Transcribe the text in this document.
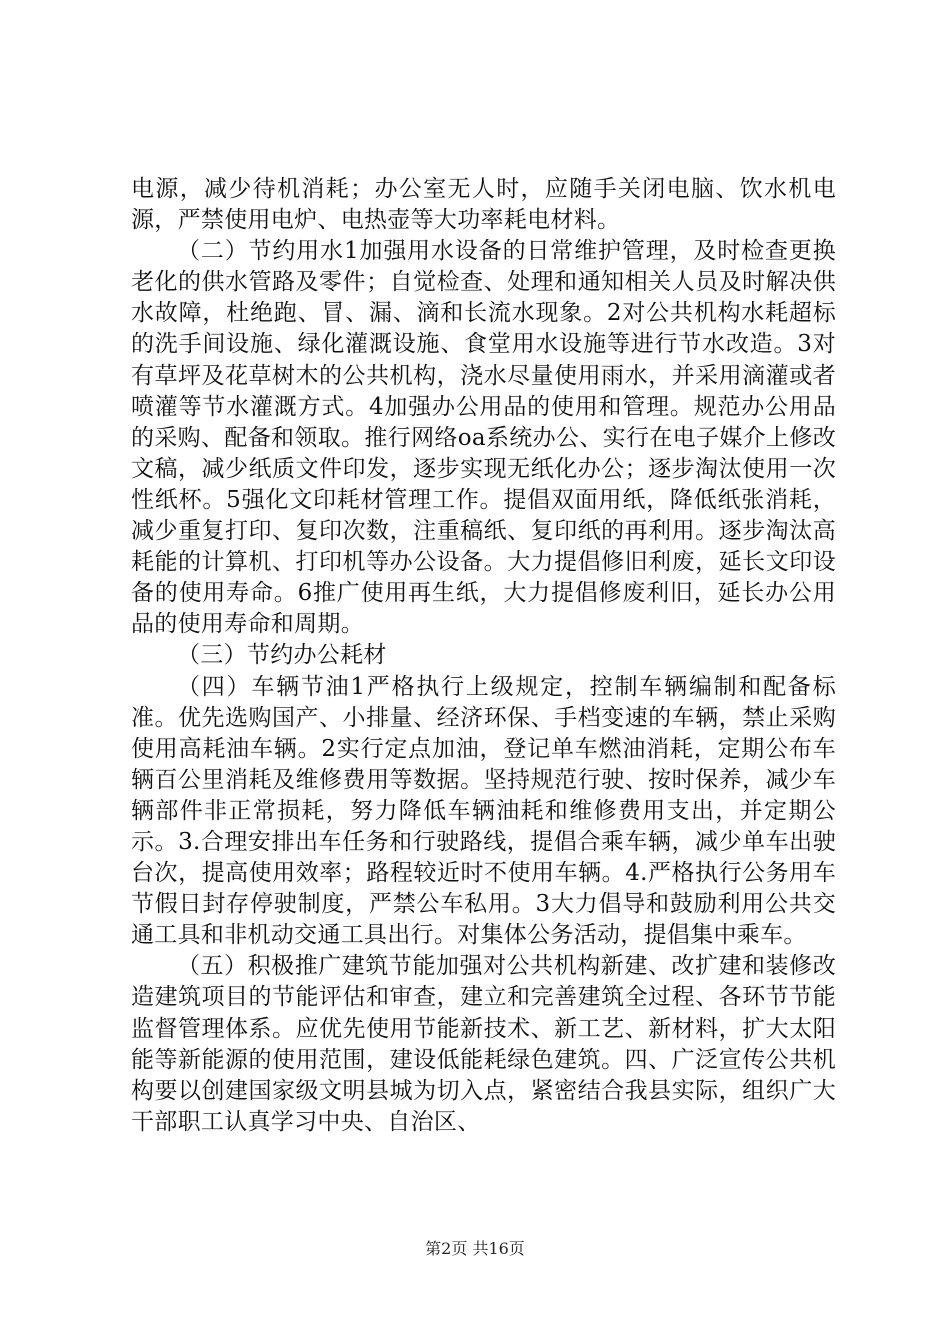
电源，减少待机消耗；办公室无人时，应随手关闭电脑、饮水机电源，严禁使用电炉、电热壶等大功率耗电材料。

（二）节约用水1加强用水设备的日常维护管理，及时检查更换老化的供水管路及零件；自觉检查、处理和通知相关人员及时解决供水故障，杜绝跑、冒、漏、滴和长流水现象。2对公共机构水耗超标的洗手间设施、绿化灌溉设施、食堂用水设施等进行节水改造。3对有草坪及花草树木的公共机构，浇水尽量使用雨水，并采用滴灌或者喷灌等节水灌溉方式。4加强办公用品的使用和管理。规范办公用品的采购、配备和领取。推行网络oa系统办公、实行在电子媒介上修改文稿，减少纸质文件印发，逐步实现无纸化办公；逐步淘汰使用一次性纸杯。5强化文印耗材管理工作。提倡双面用纸，降低纸张消耗，减少重复打印、复印次数，注重稿纸、复印纸的再利用。逐步淘汰高耗能的计算机、打印机等办公设备。大力提倡修旧利废，延长文印设备的使用寿命。6推广使用再生纸，大力提倡修废利旧，延长办公用品的使用寿命和周期。

（三）节约办公耗材

（四）车辆节油1严格执行上级规定，控制车辆编制和配备标准。优先选购国产、小排量、经济环保、手档变速的车辆，禁止采购使用高耗油车辆。2实行定点加油，登记单车燃油消耗，定期公布车辆百公里消耗及维修费用等数据。坚持规范行驶、按时保养，减少车辆部件非正常损耗，努力降低车辆油耗和维修费用支出，并定期公示。3.合理安排出车任务和行驶路线，提倡合乘车辆，减少单车出驶台次，提高使用效率；路程较近时不使用车辆。4.严格执行公务用车节假日封存停驶制度，严禁公车私用。3大力倡导和鼓励利用公共交通工具和非机动交通工具出行。对集体公务活动，提倡集中乘车。

（五）积极推广建筑节能加强对公共机构新建、改扩建和装修改造建筑项目的节能评估和审查，建立和完善建筑全过程、各环节节能监督管理体系。应优先使用节能新技术、新工艺、新材料，扩大太阳能等新能源的使用范围，建设低能耗绿色建筑。四、广泛宣传公共机构要以创建国家级文明县城为切入点，紧密结合我县实际，组织广大干部职工认真学习中央、自治区、

第2页 共16页
